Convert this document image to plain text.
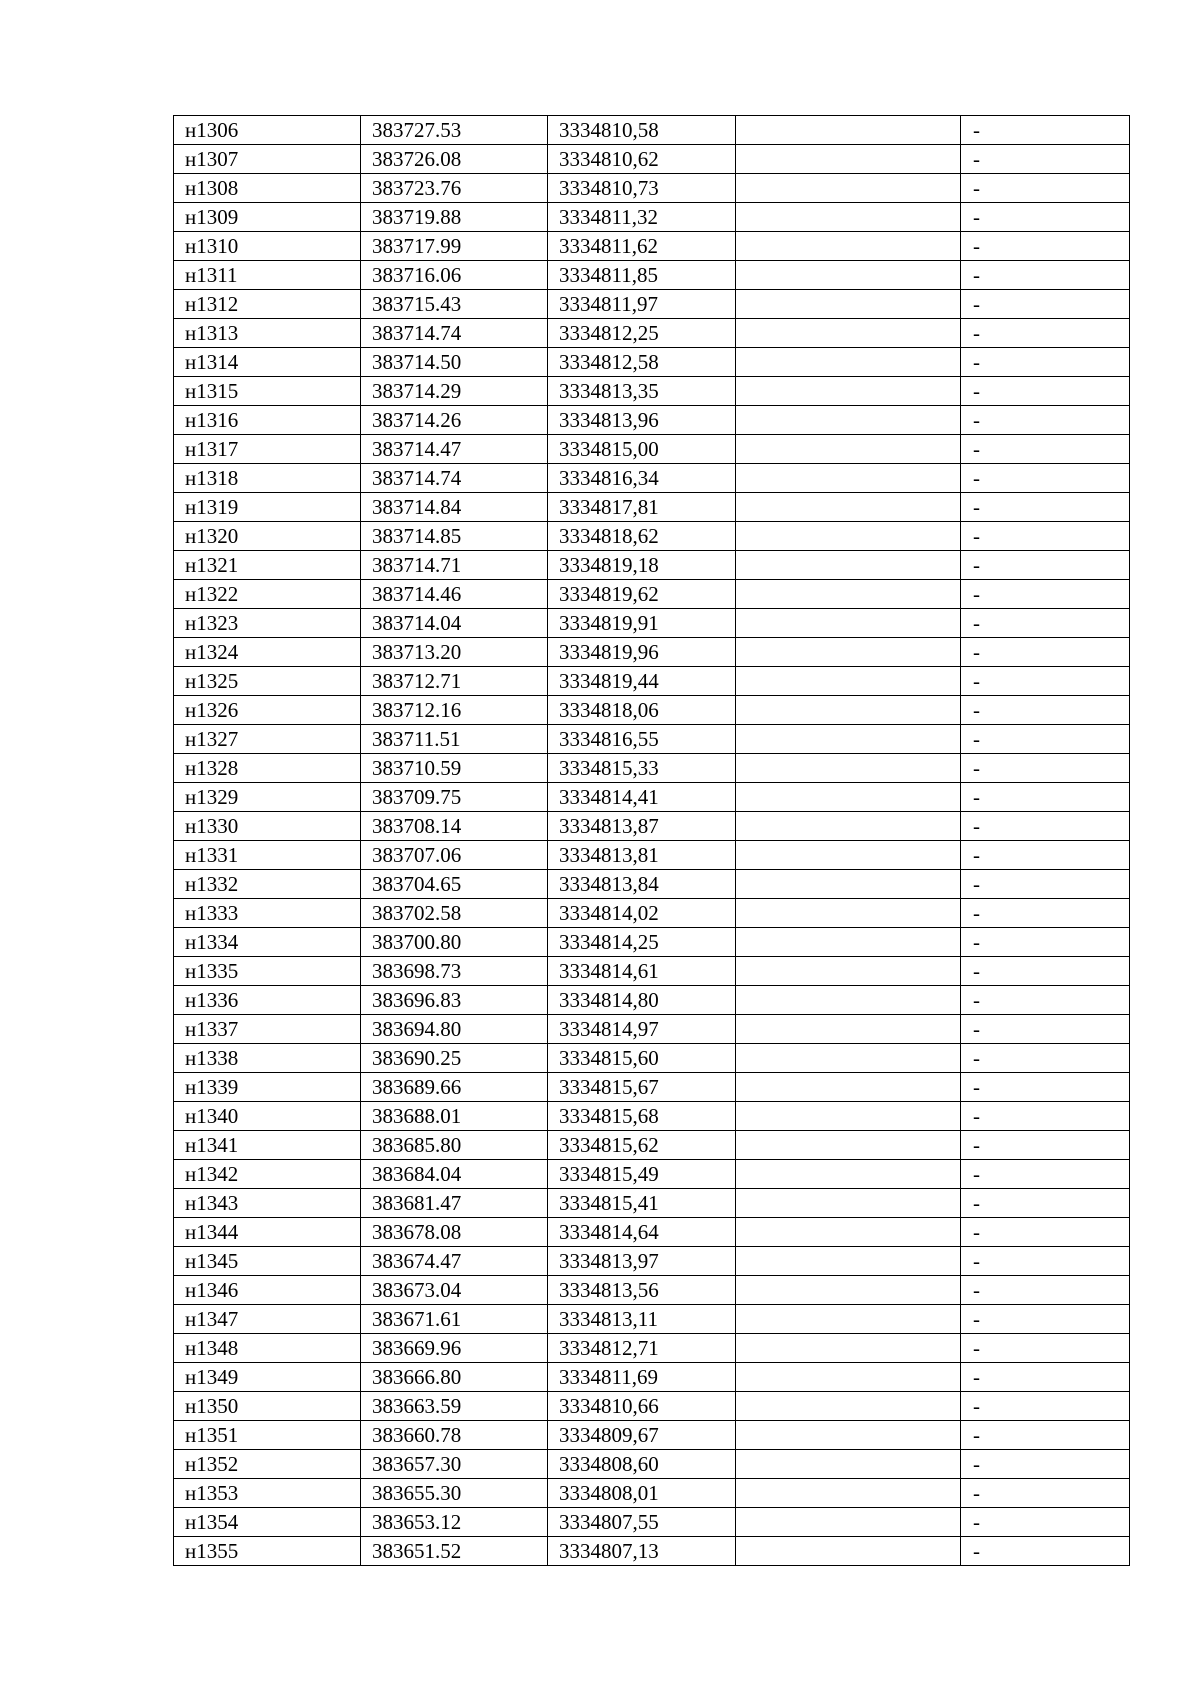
н1306	383727.53	3334810,58		-
н1307	383726.08	3334810,62		-
н1308	383723.76	3334810,73		-
н1309	383719.88	3334811,32		-
н1310	383717.99	3334811,62		-
н1311	383716.06	3334811,85		-
н1312	383715.43	3334811,97		-
н1313	383714.74	3334812,25		-
н1314	383714.50	3334812,58		-
н1315	383714.29	3334813,35		-
н1316	383714.26	3334813,96		-
н1317	383714.47	3334815,00		-
н1318	383714.74	3334816,34		-
н1319	383714.84	3334817,81		-
н1320	383714.85	3334818,62		-
н1321	383714.71	3334819,18		-
н1322	383714.46	3334819,62		-
н1323	383714.04	3334819,91		-
н1324	383713.20	3334819,96		-
н1325	383712.71	3334819,44		-
н1326	383712.16	3334818,06		-
н1327	383711.51	3334816,55		-
н1328	383710.59	3334815,33		-
н1329	383709.75	3334814,41		-
н1330	383708.14	3334813,87		-
н1331	383707.06	3334813,81		-
н1332	383704.65	3334813,84		-
н1333	383702.58	3334814,02		-
н1334	383700.80	3334814,25		-
н1335	383698.73	3334814,61		-
н1336	383696.83	3334814,80		-
н1337	383694.80	3334814,97		-
н1338	383690.25	3334815,60		-
н1339	383689.66	3334815,67		-
н1340	383688.01	3334815,68		-
н1341	383685.80	3334815,62		-
н1342	383684.04	3334815,49		-
н1343	383681.47	3334815,41		-
н1344	383678.08	3334814,64		-
н1345	383674.47	3334813,97		-
н1346	383673.04	3334813,56		-
н1347	383671.61	3334813,11		-
н1348	383669.96	3334812,71		-
н1349	383666.80	3334811,69		-
н1350	383663.59	3334810,66		-
н1351	383660.78	3334809,67		-
н1352	383657.30	3334808,60		-
н1353	383655.30	3334808,01		-
н1354	383653.12	3334807,55		-
н1355	383651.52	3334807,13		-
